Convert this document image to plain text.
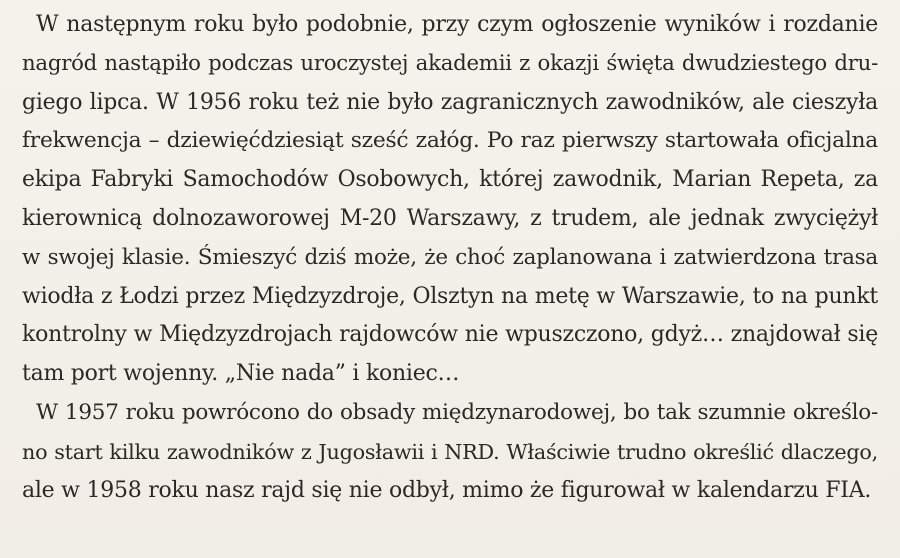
W następnym roku było podobnie, przy czym ogłoszenie wyników i rozdanie
nagród nastąpiło podczas uroczystej akademii z okazji święta dwudziestego dru-
giego lipca. W 1956 roku też nie było zagranicznych zawodników, ale cieszyła
frekwencja – dziewięćdziesiąt sześć załóg. Po raz pierwszy startowała oficjalna
ekipa Fabryki Samochodów Osobowych, której zawodnik, Marian Repeta, za
kierownicą dolnozaworowej M-20 Warszawy, z trudem, ale jednak zwyciężył
w swojej klasie. Śmieszyć dziś może, że choć zaplanowana i zatwierdzona trasa
wiodła z Łodzi przez Międzyzdroje, Olsztyn na metę w Warszawie, to na punkt
kontrolny w Międzyzdrojach rajdowców nie wpuszczono, gdyż… znajdował się
tam port wojenny. „Nie nada” i koniec…
W 1957 roku powrócono do obsady międzynarodowej, bo tak szumnie określo-
no start kilku zawodników z Jugosławii i NRD. Właściwie trudno określić dlaczego,
ale w 1958 roku nasz rajd się nie odbył, mimo że figurował w kalendarzu FIA.
